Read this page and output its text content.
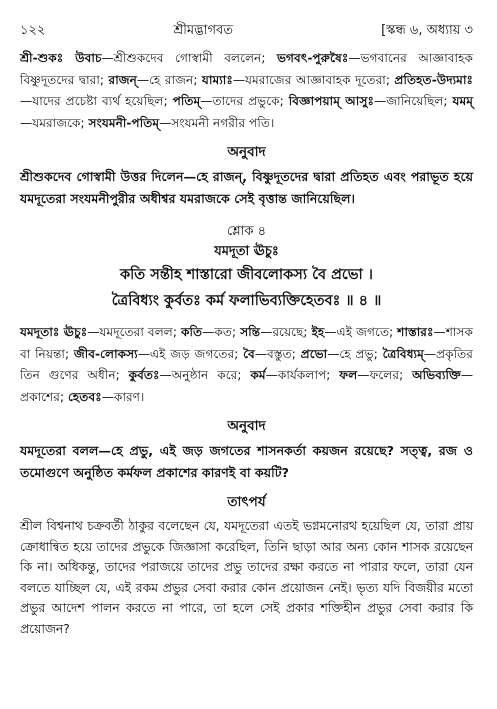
১২২	শ্রীমদ্ভাগবত	[স্কন্ধ ৬, অধ্যায় ৩

শ্রী-শুকঃ উবাচ—শ্রীশুকদেব গোস্বামী বললেন; ভগবৎ-পুরুষৈঃ—ভগবানের আজ্ঞাবাহক বিষ্ণুদূতদের দ্বারা; রাজন্—হে রাজন; যাম্যাঃ—যমরাজের আজ্ঞাবাহক দূতেরা; প্রতিহত-উদ্যমাঃ—যাদের প্রচেষ্টা ব্যর্থ হয়েছিল; পতিম্—তাদের প্রভুকে; বিজ্ঞাপয়াম্ আসুঃ—জানিয়েছিল; যমম্—যমরাজকে; সংযমনী-পতিম্—সংযমনী নগরীর পতি।

অনুবাদ

শ্রীশুকদেব গোস্বামী উত্তর দিলেন—হে রাজন্, বিষ্ণুদূতদের দ্বারা প্রতিহত এবং পরাভূত হয়ে যমদূতেরা সংযমনীপুরীর অধীশ্বর যমরাজকে সেই বৃত্তান্ত জানিয়েছিল।

শ্লোক ৪
যমদূতা ঊচুঃ
কতি সন্তীহ শাস্তারো জীবলোকস্য বৈ প্রভো ।
ত্রৈবিধ্যং কুর্বতঃ কর্ম ফলাভিব্যক্তিহেতবঃ ॥ ৪ ॥

যমদূতাঃ ঊচুঃ—যমদূতেরা বলল; কতি—কত; সন্তি—রয়েছে; ইহ—এই জগতে; শাস্তারঃ—শাসক বা নিয়ন্তা; জীব-লোকস্য—এই জড় জগতের; বৈ—বস্তুত; প্রভো—হে প্রভু; ত্রৈবিধ্যম্—প্রকৃতির তিন গুণের অধীন; কুর্বতঃ—অনুষ্ঠান করে; কর্ম—কার্যকলাপ; ফল—ফলের; অভিব্যক্তি—প্রকাশের; হেতবঃ—কারণ।

অনুবাদ

যমদূতেরা বলল—হে প্রভু, এই জড় জগতের শাসনকর্তা কয়জন রয়েছে? সত্ত্ব, রজ ও তমোগুণে অনুষ্ঠিত কর্মফল প্রকাশের কারণই বা কয়টি?

তাৎপর্য

শ্রীল বিশ্বনাথ চক্রবর্তী ঠাকুর বলেছেন যে, যমদূতেরা এতই ভগ্নমনোরথ হয়েছিল যে, তারা প্রায় ক্রোধান্বিত হয়ে তাদের প্রভুকে জিজ্ঞাসা করেছিল, তিনি ছাড়া আর অন্য কোন শাসক রয়েছেন কি না। অধিকন্তু, তাদের পরাজয়ে তাদের প্রভু তাদের রক্ষা করতে না পারার ফলে, তারা যেন বলতে যাচ্ছিল যে, এই রকম প্রভুর সেবা করার কোন প্রয়োজন নেই। ভৃত্য যদি বিজয়ীর মতো প্রভুর আদেশ পালন করতে না পারে, তা হলে সেই প্রকার শক্তিহীন প্রভুর সেবা করার কি প্রয়োজন?
